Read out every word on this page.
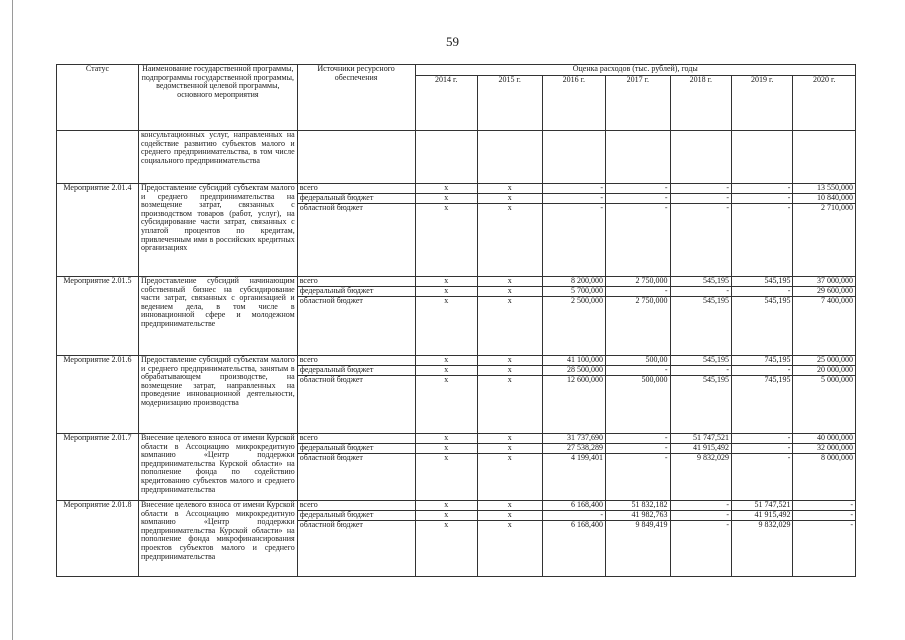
59
Статус	Наименование государственной программы, подпрограммы государственной программы, ведомственной целевой программы, основного мероприятия	Источники ресурсного обеспечения	Оценка расходов (тыс. рублей), годы						
			2014 г.	2015 г.	2016 г.	2017 г.	2018 г.	2019 г.	2020 г.
	консультационных услуг, направленных на содействие развитию субъектов малого и среднего предпринимательства, в том числе социального предпринимательства								
Мероприятие 2.01.4	Предоставление субсидий субъектам малого и среднего предпринимательства на возмещение затрат, связанных с производством товаров (работ, услуг), на субсидирование части затрат, связанных с уплатой процентов по кредитам, привлеченным ими в российских кредитных организациях	всего	х	х	-	-	-	-	13 550,000
		федеральный бюджет	х	х	-	-	-	-	10 840,000
		областной бюджет	х	х	-	-	-	-	2 710,000
Мероприятие 2.01.5	Предоставление субсидий начинающим собственный бизнес на субсидирование части затрат, связанных с организацией и ведением дела, в том числе в инновационной сфере и молодежном предпринимательстве	всего	х	х	8 200,000	2 750,000	545,195	545,195	37 000,000
		федеральный бюджет	х	х	5 700,000	-	-	-	29 600,000
		областной бюджет	х	х	2 500,000	2 750,000	545,195	545,195	7 400,000
Мероприятие 2.01.6	Предоставление субсидий субъектам малого и среднего предпринимательства, занятым в обрабатывающем производстве, на возмещение затрат, направленных на проведение инновационной деятельности, модернизацию производства	всего	х	х	41 100,000	500,00	545,195	745,195	25 000,000
		федеральный бюджет	х	х	28 500,000	-	-	-	20 000,000
		областной бюджет	х	х	12 600,000	500,000	545,195	745,195	5 000,000
Мероприятие 2.01.7	Внесение целевого взноса от имени Курской области в Ассоциацию микрокредитную компанию «Центр поддержки предпринимательства Курской области» на пополнение фонда по содействию кредитованию субъектов малого и среднего предпринимательства	всего	х	х	31 737,690	-	51 747,521	-	40 000,000
		федеральный бюджет	х	х	27 538,289	-	41 915,492	-	32 000,000
		областной бюджет	х	х	4 199,401	-	9 832,029	-	8 000,000
Мероприятие 2.01.8	Внесение целевого взноса от имени Курской области в Ассоциацию микрокредитную компанию «Центр поддержки предпринимательства Курской области» на пополнение фонда микрофинансирования проектов субъектов малого и среднего предпринимательства	всего	х	х	6 168,400	51 832,182	-	51 747,521	-
		федеральный бюджет	х	х	-	41 982,763	-	41 915,492	-
		областной бюджет	х	х	6 168,400	9 849,419	-	9 832,029	-
